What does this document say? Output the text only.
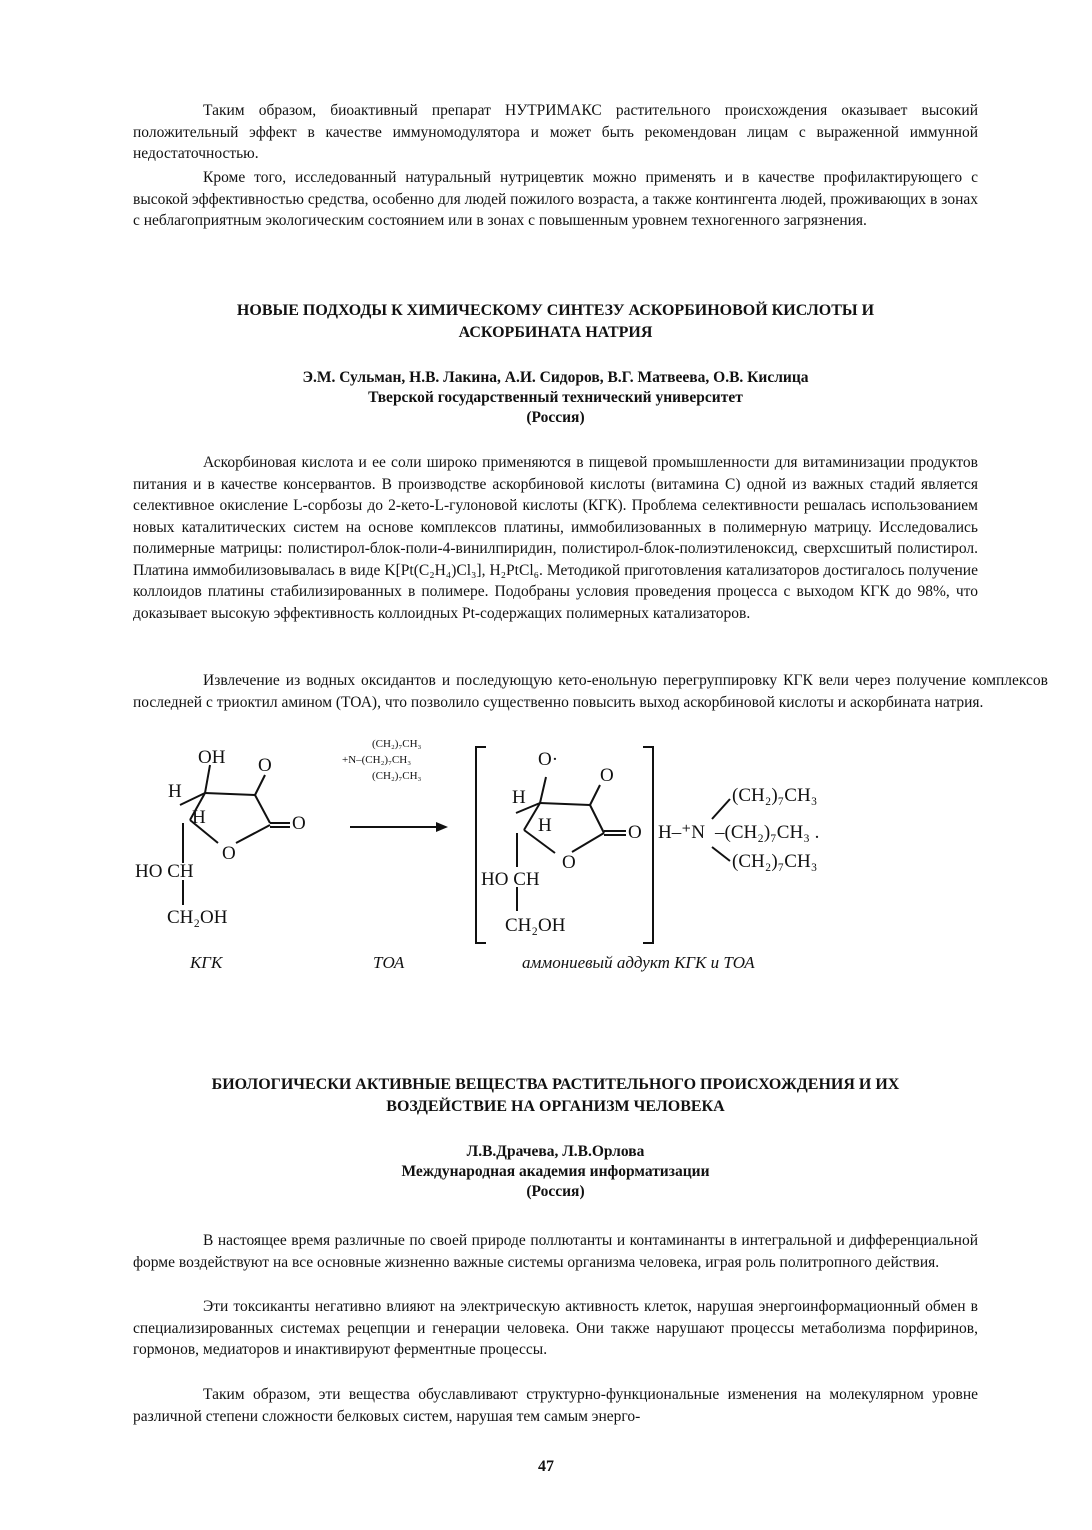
Таким образом, биоактивный препарат НУТРИМАКС растительного происхождения оказывает высокий положительный эффект в качестве иммуномодулятора и может быть рекомендован лицам с выраженной иммунной недостаточностью.

Кроме того, исследованный натуральный нутрицевтик можно применять и в качестве профилактирующего с высокой эффективностью средства, особенно для людей пожилого возраста, а также контингента людей, проживающих в зонах с неблагоприятным экологическим состоянием или в зонах с повышенным уровнем техногенного загрязнения.

НОВЫЕ ПОДХОДЫ К ХИМИЧЕСКОМУ СИНТЕЗУ АСКОРБИНОВОЙ КИСЛОТЫ И
АСКОРБИНАТА НАТРИЯ
Э.М. Сульман, Н.В. Лакина, А.И. Сидоров, В.Г. Матвеева, О.В. Кислица
Тверской государственный технический университет
(Россия)

Аскорбиновая кислота и ее соли широко применяются в пищевой промышленности для витаминизации продуктов питания и в качестве консервантов. В производстве аскорбиновой кислоты (витамина С) одной из важных стадий является селективное окисление L-сорбозы до 2-кето-L-гулоновой кислоты (КГК). Проблема селективности решалась использованием новых каталитических систем на основе комплексов платины, иммобилизованных в полимерную матрицу. Исследовались полимерные матрицы: полистирол-блок-поли-4-винилпиридин, полистирол-блок-полиэтиленоксид, сверхсшитый полистирол. Платина иммобилизовывалась в виде K[Pt(C₂H₄)Cl₃], H₂PtCl₆. Методикой приготовления катализаторов достигалось получение коллоидов платины стабилизированных в полимере. Подобраны условия проведения процесса с выходом КГК до 98%, что доказывает высокую эффективность коллоидных Pt-содержащих полимерных катализаторов.

Извлечение из водных оксидантов и последующую кето-енольную перегруппировку КГК вели через получение комплексов последней с триоктил амином (ТОА), что позволило существенно повысить выход аскорбиновой кислоты и аскорбината натрия.

OH O
H
H	O
O
HO CH
CH₂OH
(CH₂)₇CH₃
+N–(CH₂)₇CH₃
(CH₂)₇CH₃
O·
O
H
H	O
O
HO CH
CH₂OH
H–⁺N
(CH₂)₇CH₃
–(CH₂)₇CH₃ .
(CH₂)₇CH₃
КГК	ТОА	аммониевый аддукт КГК и ТОА
БИОЛОГИЧЕСКИ АКТИВНЫЕ ВЕЩЕСТВА РАСТИТЕЛЬНОГО ПРОИСХОЖДЕНИЯ И ИХ
ВОЗДЕЙСТВИЕ НА ОРГАНИЗМ ЧЕЛОВЕКА
Л.В.Драчева, Л.В.Орлова
Международная академия информатизации
(Россия)

В настоящее время различные по своей природе поллютанты и контаминанты в интегральной и дифференциальной форме воздействуют на все основные жизненно важные системы организма человека, играя роль политропного действия.

Эти токсиканты негативно влияют на электрическую активность клеток, нарушая энергоинформационный обмен в специализированных системах рецепции и генерации человека. Они также нарушают процессы метаболизма порфиринов, гормонов, медиаторов и инактивируют ферментные процессы.

Таким образом, эти вещества обуславливают структурно-функциональные изменения на молекулярном уровне различной степени сложности белковых систем, нарушая тем самым энерго-

47
